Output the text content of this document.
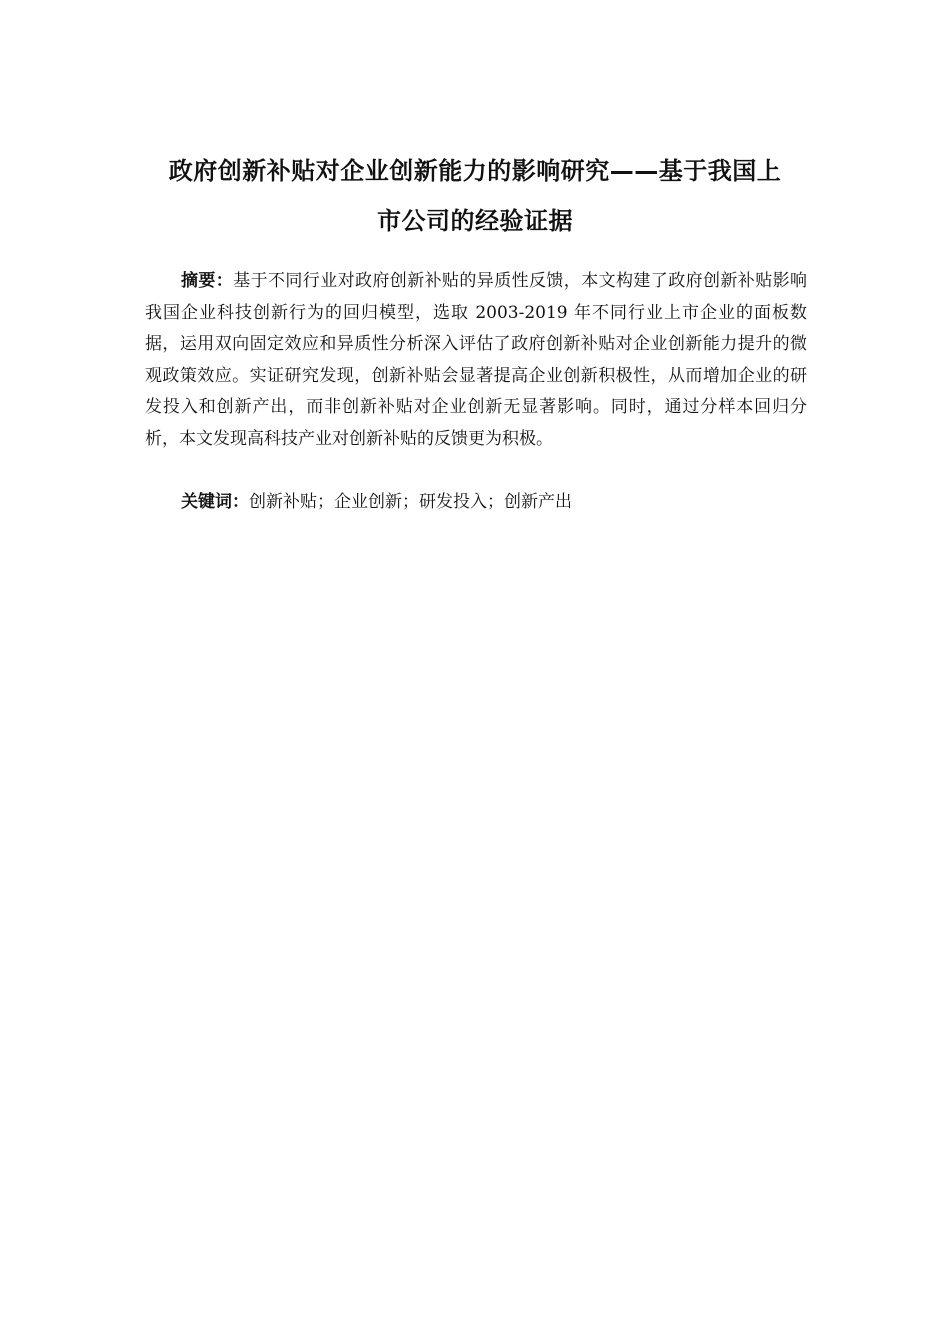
政府创新补贴对企业创新能力的影响研究——基于我国上
市公司的经验证据

摘要：基于不同行业对政府创新补贴的异质性反馈，本文构建了政府创新补贴影响我国企业科技创新行为的回归模型，选取 2003-2019 年不同行业上市企业的面板数据，运用双向固定效应和异质性分析深入评估了政府创新补贴对企业创新能力提升的微观政策效应。实证研究发现，创新补贴会显著提高企业创新积极性，从而增加企业的研发投入和创新产出，而非创新补贴对企业创新无显著影响。同时，通过分样本回归分析，本文发现高科技产业对创新补贴的反馈更为积极。

关键词：创新补贴；企业创新；研发投入；创新产出
